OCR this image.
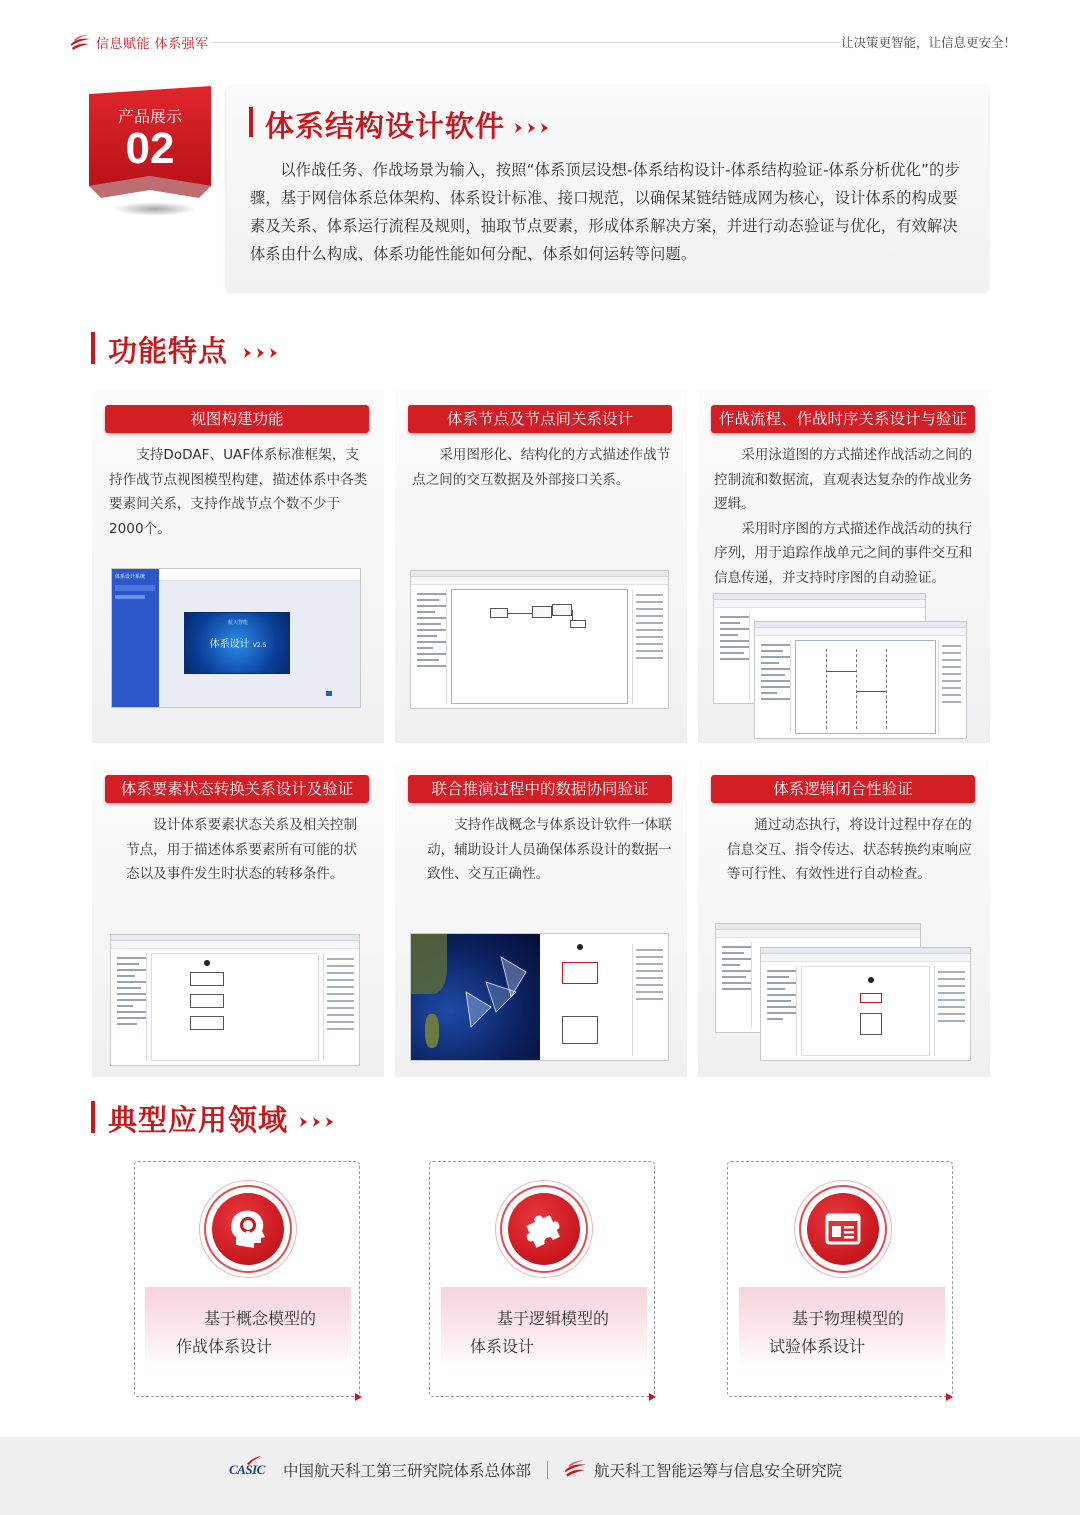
信息赋能 体系强军	让决策更智能，让信息更安全！
产品展示
02	体系结构设计软件
以作战任务、作战场景为输入，按照“体系顶层设想-体系结构设计-体系结构验证-体系分析优化”的步骤，基于网信体系总体架构、体系设计标准、接口规范，以确保某链结链成网为核心，设计体系的构成要素及关系、体系运行流程及规则，抽取节点要素，形成体系解决方案，并进行动态验证与优化，有效解决体系由什么构成、体系功能性能如何分配、体系如何运转等问题。
功能特点
视图构建功能

支持DoDAF、UAF体系标准框架，支持作战节点视图模型构建，描述体系中各类要素间关系，支持作战节点个数不少于2000个。

体系设计系统
航天智能
体系设计 V2.5
体系节点及节点间关系设计

采用图形化、结构化的方式描述作战节点之间的交互数据及外部接口关系。

作战流程、作战时序关系设计与验证

采用泳道图的方式描述作战活动之间的控制流和数据流，直观表达复杂的作战业务逻辑。

采用时序图的方式描述作战活动的执行序列，用于追踪作战单元之间的事件交互和信息传递，并支持时序图的自动验证。

体系要素状态转换关系设计及验证

设计体系要素状态关系及相关控制节点，用于描述体系要素所有可能的状态以及事件发生时状态的转移条件。

联合推演过程中的数据协同验证

支持作战概念与体系设计软件一体联动，辅助设计人员确保体系设计的数据一致性、交互正确性。

体系逻辑闭合性验证

通过动态执行，将设计过程中存在的信息交互、指令传达、状态转换约束响应等可行性、有效性进行自动检查。

典型应用领域
基于概念模型的
作战体系设计
基于逻辑模型的
体系设计
基于物理模型的
试验体系设计
CASIC 中国航天科工第三研究院体系总体部	航天科工智能运筹与信息安全研究院
